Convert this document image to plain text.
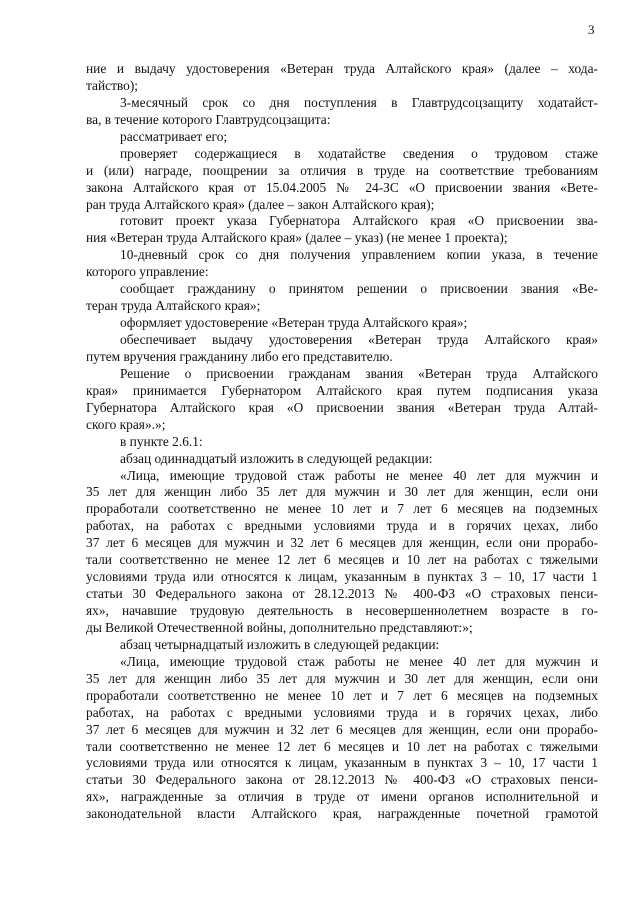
3
ние и выдачу удостоверения «Ветеран труда Алтайского края» (далее – хода-
тайство);
3-месячный срок со дня поступления в Главтрудсоцзащиту ходатайст-
ва, в течение которого Главтрудсоцзащита:
рассматривает его;
проверяет содержащиеся в ходатайстве сведения о трудовом стаже
и (или) награде, поощрении за отличия в труде на соответствие требованиям
закона Алтайского края от 15.04.2005 № 24-ЗС «О присвоении звания «Вете-
ран труда Алтайского края» (далее – закон Алтайского края);
готовит проект указа Губернатора Алтайского края «О присвоении зва-
ния «Ветеран труда Алтайского края» (далее – указ) (не менее 1 проекта);
10-дневный срок со дня получения управлением копии указа, в течение
которого управление:
сообщает гражданину о принятом решении о присвоении звания «Ве-
теран труда Алтайского края»;
оформляет удостоверение «Ветеран труда Алтайского края»;
обеспечивает выдачу удостоверения «Ветеран труда Алтайского края»
путем вручения гражданину либо его представителю.
Решение о присвоении гражданам звания «Ветеран труда Алтайского
края» принимается Губернатором Алтайского края путем подписания указа
Губернатора Алтайского края «О присвоении звания «Ветеран труда Алтай-
ского края».»;
в пункте 2.6.1:
абзац одиннадцатый изложить в следующей редакции:
«Лица, имеющие трудовой стаж работы не менее 40 лет для мужчин и
35 лет для женщин либо 35 лет для мужчин и 30 лет для женщин, если они
проработали соответственно не менее 10 лет и 7 лет 6 месяцев на подземных
работах, на работах с вредными условиями труда и в горячих цехах, либо
37 лет 6 месяцев для мужчин и 32 лет 6 месяцев для женщин, если они прорабо-
тали соответственно не менее 12 лет 6 месяцев и 10 лет на работах с тяжелыми
условиями труда или относятся к лицам, указанным в пунктах 3 – 10, 17 части 1
статьи 30 Федерального закона от 28.12.2013 № 400-ФЗ «О страховых пенси-
ях», начавшие трудовую деятельность в несовершеннолетнем возрасте в го-
ды Великой Отечественной войны, дополнительно представляют:»;
абзац четырнадцатый изложить в следующей редакции:
«Лица, имеющие трудовой стаж работы не менее 40 лет для мужчин и
35 лет для женщин либо 35 лет для мужчин и 30 лет для женщин, если они
проработали соответственно не менее 10 лет и 7 лет 6 месяцев на подземных
работах, на работах с вредными условиями труда и в горячих цехах, либо
37 лет 6 месяцев для мужчин и 32 лет 6 месяцев для женщин, если они прорабо-
тали соответственно не менее 12 лет 6 месяцев и 10 лет на работах с тяжелыми
условиями труда или относятся к лицам, указанным в пунктах 3 – 10, 17 части 1
статьи 30 Федерального закона от 28.12.2013 № 400-ФЗ «О страховых пенси-
ях», награжденные за отличия в труде от имени органов исполнительной и
законодательной власти Алтайского края, награжденные почетной грамотой
